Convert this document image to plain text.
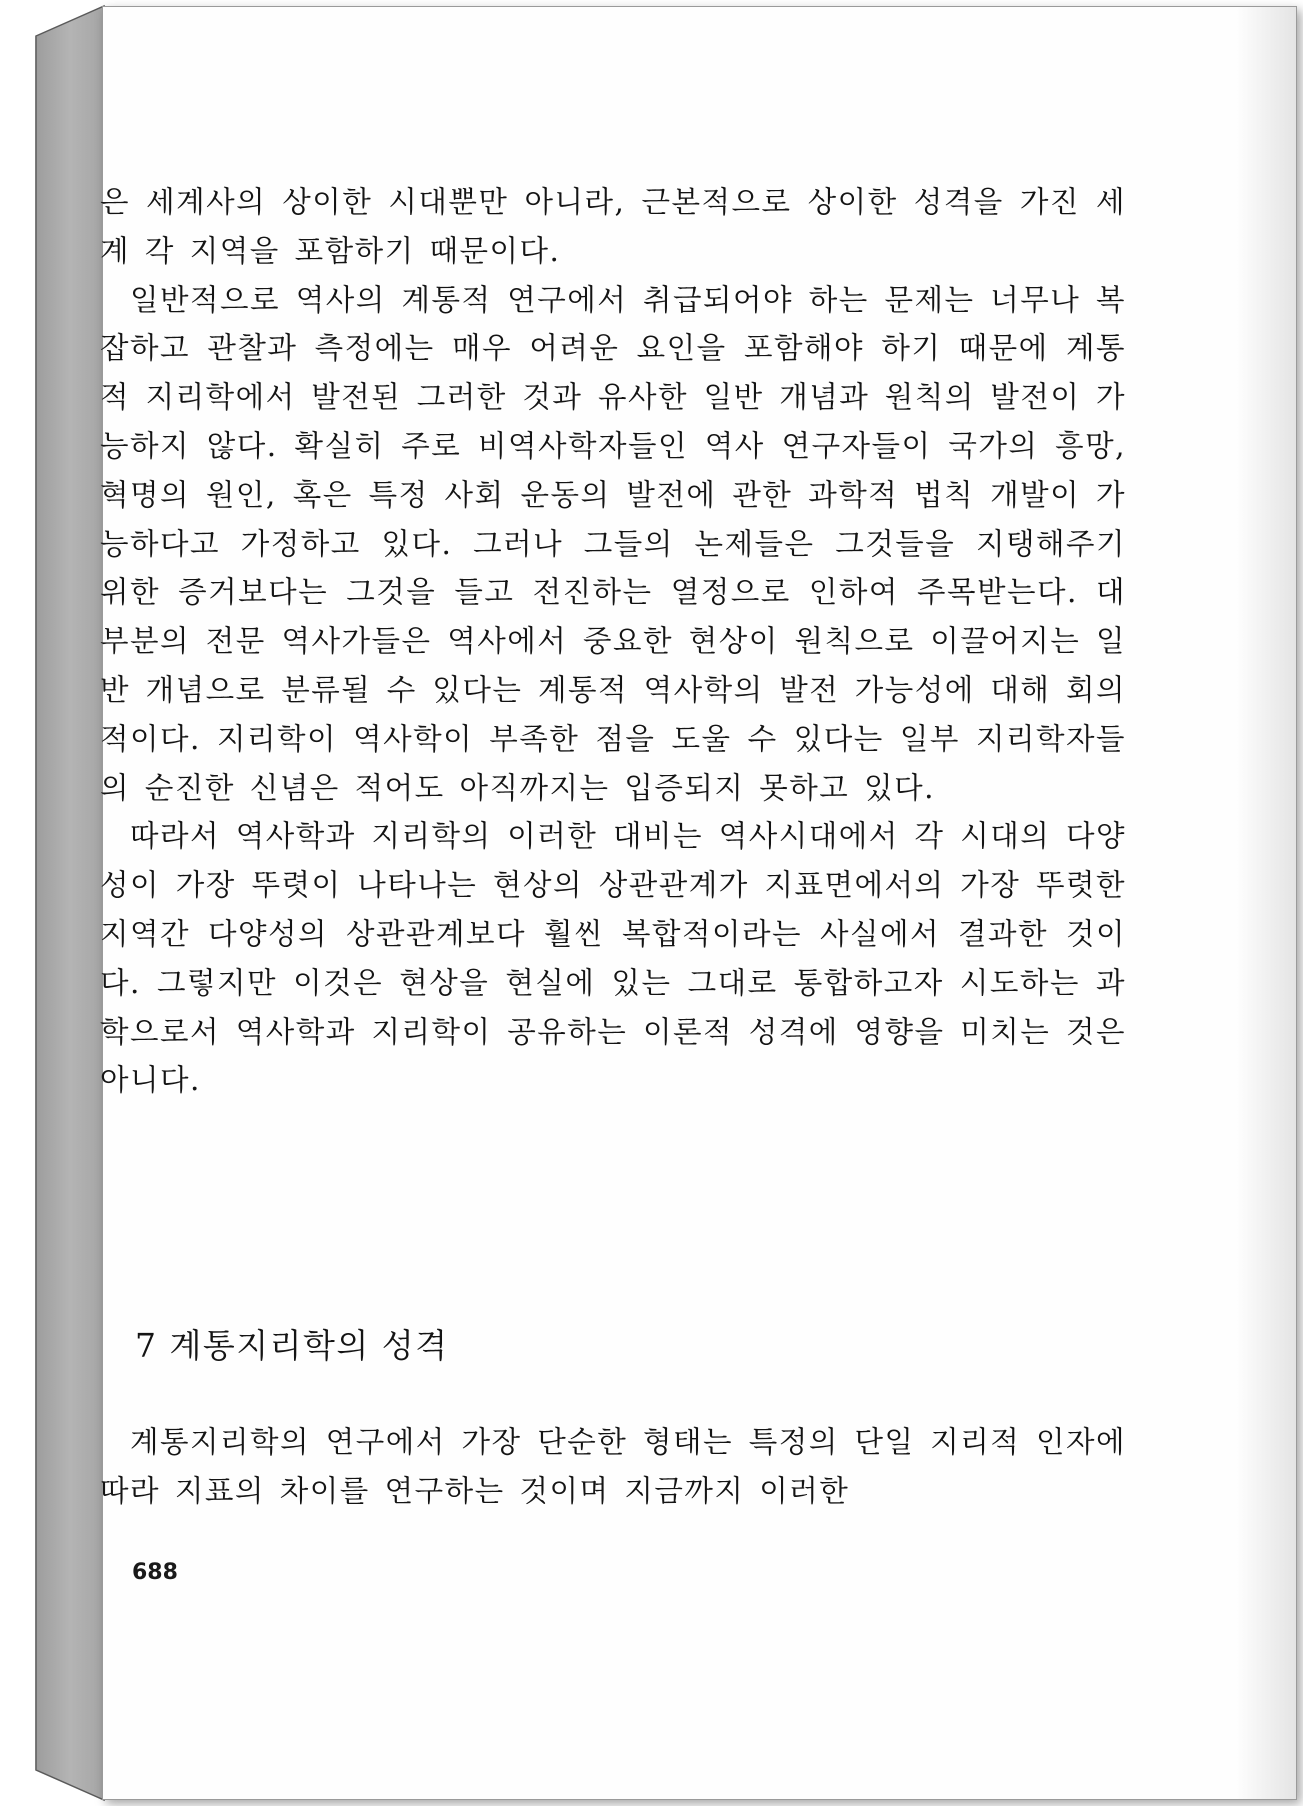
은 세계사의 상이한 시대뿐만 아니라, 근본적으로 상이한 성격을 가진 세계 각 지역을 포함하기 때문이다.

일반적으로 역사의 계통적 연구에서 취급되어야 하는 문제는 너무나 복잡하고 관찰과 측정에는 매우 어려운 요인을 포함해야 하기 때문에 계통적 지리학에서 발전된 그러한 것과 유사한 일반 개념과 원칙의 발전이 가능하지 않다. 확실히 주로 비역사학자들인 역사 연구자들이 국가의 흥망, 혁명의 원인, 혹은 특정 사회 운동의 발전에 관한 과학적 법칙 개발이 가능하다고 가정하고 있다. 그러나 그들의 논제들은 그것들을 지탱해주기 위한 증거보다는 그것을 들고 전진하는 열정으로 인하여 주목받는다. 대부분의 전문 역사가들은 역사에서 중요한 현상이 원칙으로 이끌어지는 일반 개념으로 분류될 수 있다는 계통적 역사학의 발전 가능성에 대해 회의적이다. 지리학이 역사학이 부족한 점을 도울 수 있다는 일부 지리학자들의 순진한 신념은 적어도 아직까지는 입증되지 못하고 있다.

따라서 역사학과 지리학의 이러한 대비는 역사시대에서 각 시대의 다양성이 가장 뚜렷이 나타나는 현상의 상관관계가 지표면에서의 가장 뚜렷한 지역간 다양성의 상관관계보다 훨씬 복합적이라는 사실에서 결과한 것이다. 그렇지만 이것은 현상을 현실에 있는 그대로 통합하고자 시도하는 과학으로서 역사학과 지리학이 공유하는 이론적 성격에 영향을 미치는 것은 아니다.

7 계통지리학의 성격

계통지리학의 연구에서 가장 단순한 형태는 특정의 단일 지리적 인자에 따라 지표의 차이를 연구하는 것이며 지금까지 이러한

688
